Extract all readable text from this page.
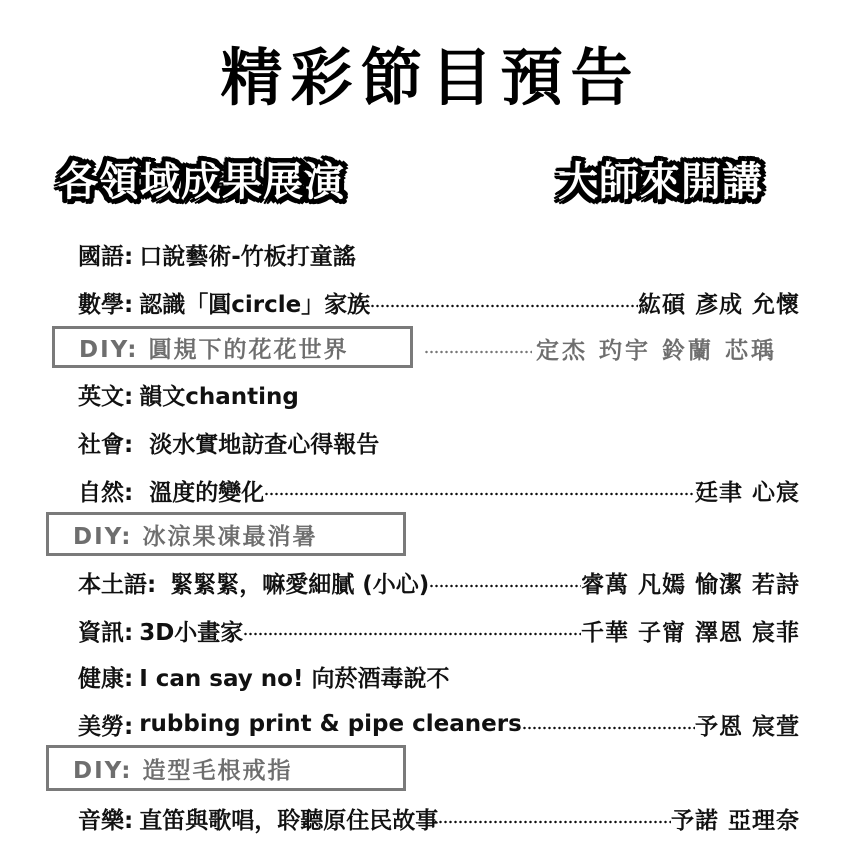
精彩節目預告
各領域成果展演	大師來開講
國語: 口說藝術-竹板打童謠
數學: 認識「圓circle」家族	紘碩 彥成 允懷
DIY: 圓規下的花花世界	定杰 玓宇 鈴蘭 芯瑀
英文: 韻文chanting
社會: 淡水實地訪查心得報告
自然: 溫度的變化	廷聿 心宸
DIY: 冰涼果凍最消暑
本土語: 緊緊緊，嘛愛細膩 (小心)	睿萬 凡嫣 愉潔 若詩
資訊: 3D小畫家	千華 子甯 澤恩 宸菲
健康: I can say no! 向菸酒毒說不
美勞: rubbing print & pipe cleaners	予恩 宸萱
DIY: 造型毛根戒指
音樂: 直笛與歌唱，聆聽原住民故事	予諾 亞理奈
